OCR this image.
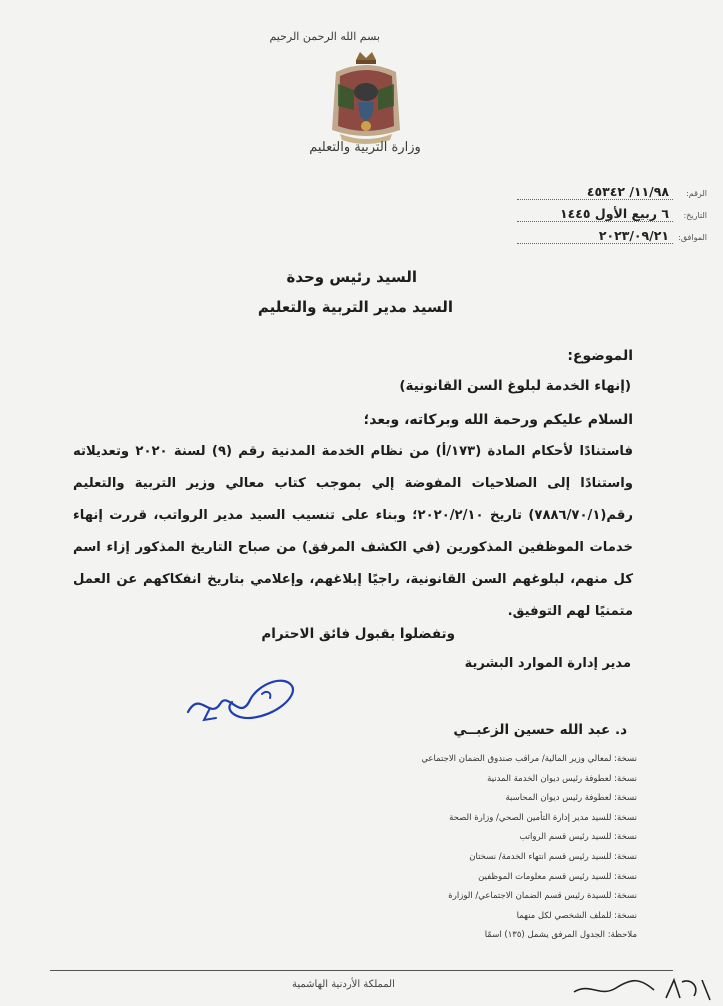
بسم الله الرحمن الرحيم
وزارة التربية والتعليم
الرقم:
١١/٩٨/ ٤٥٣٤٢
التاريخ:
٦ ربيع الأول ١٤٤٥
الموافق:
٢٠٢٣/٠٩/٢١
السيد رئيس وحدة
السيد مدير التربية والتعليم
الموضوع:
(إنهاء الخدمة لبلوغ السن القانونية)
السلام عليكم ورحمة الله وبركاته، وبعد؛
فاستنادًا لأحكام المادة (١٧٣/أ) من نظام الخدمة المدنية رقم (٩) لسنة ٢٠٢٠ وتعديلاته واستنادًا إلى الصلاحيات المفوضة إلي بموجب كتاب معالي وزير التربية والتعليم رقم(٧٨٨٦/٧٠/١) تاريخ ٢٠٢٠/٢/١٠؛ وبناء على تنسيب السيد مدير الرواتب، قررت إنهاء خدمات الموظفين المذكورين (في الكشف المرفق) من صباح التاريخ المذكور إزاء اسم كل منهم، لبلوغهم السن القانونية، راجيًا إبلاغهم، وإعلامي بتاريخ انفكاكهم عن العمل متمنيًا لهم التوفيق.
وتفضلوا بقبول فائق الاحترام
مدير إدارة الموارد البشرية
د. عبد الله حسين الزعبــي
نسخة: لمعالي وزير المالية/ مراقب صندوق الضمان الاجتماعي
نسخة: لعطوفة رئيس ديوان الخدمة المدنية
نسخة: لعطوفة رئيس ديوان المحاسبة
نسخة: للسيد مدير إدارة التأمين الصحي/ وزارة الصحة
نسخة: للسيد رئيس قسم الرواتب
نسخة: للسيد رئيس قسم انتهاء الخدمة/ نسختان
نسخة: للسيد رئيس قسم معلومات الموظفين
نسخة: للسيدة رئيس قسم الضمان الاجتماعي/ الوزارة
نسخة: للملف الشخصي لكل منهما
ملاحظة: الجدول المرفق يشمل (١٣٥) اسمًا
المملكة الأردنية الهاشمية
